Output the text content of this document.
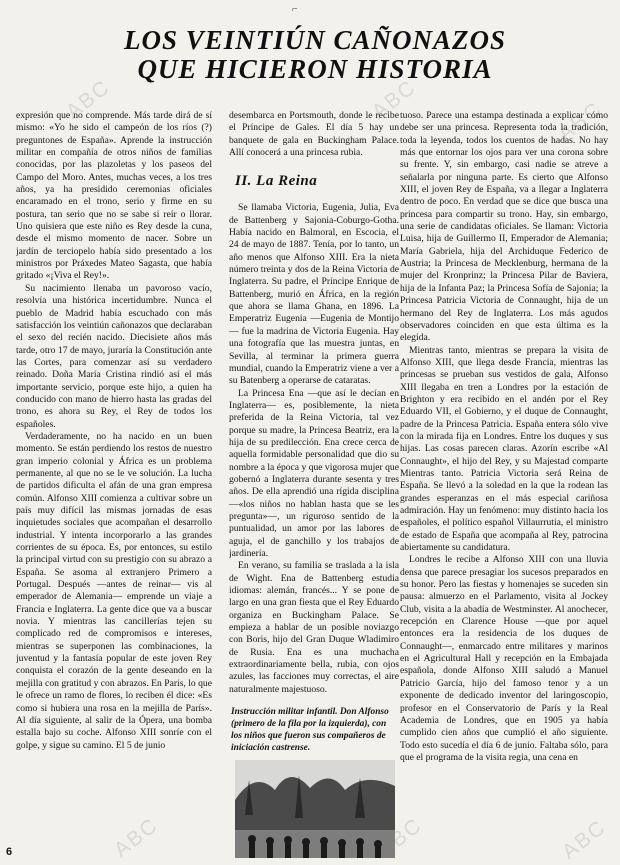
⌐
LOS VEINTIÚN CAÑONAZOS
QUE HICIERON HISTORIA
ABC	ABC	ABC
ABC	ABC	ABC

expresión que no comprende. Más tarde dirá de sí mismo: «Yo he sido el campeón de los ríos (?) preguntones de España». Aprende la instrucción militar en compañía de otros niños de familias conocidas, por las plazoletas y los paseos del Campo del Moro. Antes, muchas veces, a los tres años, ya ha presidido ceremonias oficiales encaramado en el trono, serio y firme en su postura, tan serio que no se sabe si reír o llorar. Uno quisiera que este niño es Rey desde la cuna, desde el mismo momento de nacer. Sobre un jardín de terciopelo había sido presentado a los ministros por Práxedes Mateo Sagasta, que había gritado «¡Viva el Rey!».

Su nacimiento llenaba un pavoroso vacío, resolvía una histórica incertidumbre. Nunca el pueblo de Madrid había escuchado con más satisfacción los veintiún cañonazos que declaraban el sexo del recién nacido. Diecisiete años más tarde, otro 17 de mayo, juraría la Constitución ante las Cortes, para comenzar así su verdadero reinado. Doña María Cristina rindió así el más importante servicio, porque este hijo, a quien ha conducido con mano de hierro hasta las gradas del trono, es ahora su Rey, el Rey de todos los españoles.

Verdaderamente, no ha nacido en un buen momento. Se están perdiendo los restos de nuestro gran imperio colonial y África es un problema permanente, al que no se le ve solución. La lucha de partidos dificulta el afán de una gran empresa común. Alfonso XIII comienza a cultivar sobre un país muy difícil las mismas jornadas de esas inquietudes sociales que acompañan el desarrollo industrial. Y intenta incorporarlo a las grandes corrientes de su época. Es, por entonces, su estilo la principal virtud con su prestigio con su abrazo a España. Se asoma al extranjero Primero a Portugal. Después —antes de reinar— vis al emperador de Alemania— emprende un viaje a Francia e Inglaterra. La gente dice que va a buscar novia. Y mientras las cancillerías tejen su complicado red de compromisos e intereses, mientras se superponen las combinaciones, la juventud y la fantasía popular de este joven Rey conquista el corazón de la gente deseando en la mejilla con gratitud y con abrazos. En París, lo que le ofrece un ramo de flores, lo reciben él dice: «Es como si hubiera una rosa en la mejilla de París». Al día siguiente, al salir de la Ópera, una bomba estalla bajo su coche. Alfonso XIII sonríe con el golpe, y sigue su camino. El 5 de junio

desembarca en Portsmouth, donde le recibe el Príncipe de Gales. El día 5 hay un banquete de gala en Buckingham Palace. Allí conocerá a una princesa rubia.

II. La Reina

Se llamaba Victoria, Eugenia, Julia, Eva de Battenberg y Sajonia-Coburgo-Gotha. Había nacido en Balmoral, en Escocia, el 24 de mayo de 1887. Tenía, por lo tanto, un año menos que Alfonso XIII. Era la nieta número treinta y dos de la Reina Victoria de Inglaterra. Su padre, el Príncipe Enrique de Battenberg, murió en África, en la región que ahora se llama Ghana, en 1896. La Emperatriz Eugenia —Eugenia de Montijo— fue la madrina de Victoria Eugenia. Hay una fotografía que las muestra juntas, en Sevilla, al terminar la primera guerra mundial, cuando la Emperatriz viene a ver a su Batenberg a operarse de cataratas.

La Princesa Ena —que así le decían en Inglaterra— es, posiblemente, la nieta preferida de la Reina Victoria, tal vez porque su madre, la Princesa Beatriz, era la hija de su predilección. Ena crece cerca de aquella formidable personalidad que dio su nombre a la época y que vigorosa mujer que gobernó a Inglaterra durante sesenta y tres años. De ella aprendió una rígida disciplina —«los niños no hablan hasta que se les pregunta»—, un riguroso sentido de la puntualidad, un amor por las labores de aguja, el de ganchillo y los trabajos de jardinería.

En verano, su familia se traslada a la isla de Wight. Ena de Battenberg estudia idiomas: alemán, francés... Y se pone de largo en una gran fiesta que el Rey Eduardo organiza en Buckingham Palace. Se empieza a hablar de un posible noviazgo con Boris, hijo del Gran Duque Wladimiro de Rusia. Ena es una muchacha extraordinariamente bella, rubia, con ojos azules, las facciones muy correctas, el aire naturalmente majestuoso.

Instrucción militar infantil. Don Alfonso (primero de la fila por la izquierda), con los niños que fueron sus compañeros de iniciación castrense.

tuoso. Parece una estampa destinada a explicar cómo debe ser una princesa. Representa toda la tradición, toda la leyenda, todos los cuentos de hadas. No hay más que entornar los ojos para ver una corona sobre su frente. Y, sin embargo, casi nadie se atreve a señalarla por ninguna parte. Es cierto que Alfonso XIII, el joven Rey de España, va a llegar a Inglaterra dentro de poco. En verdad que se dice que busca una princesa para compartir su trono. Hay, sin embargo, una serie de candidatas oficiales. Se llaman: Victoria Luisa, hija de Guillermo II, Emperador de Alemania; María Gabriela, hija del Archiduque Federico de Austria; la Princesa de Mecklenburg, hermana de la mujer del Kronprinz; la Princesa Pilar de Baviera, hija de la Infanta Paz; la Princesa Sofía de Sajonia; la Princesa Patricia Victoria de Connaught, hija de un hermano del Rey de Inglaterra. Los más agudos observadores coinciden en que esta última es la elegida.

Mientras tanto, mientras se prepara la visita de Alfonso XIII, que llega desde Francia, mientras las princesas se prueban sus vestidos de gala, Alfonso XIII llegaba en tren a Londres por la estación de Brighton y era recibido en el andén por el Rey Eduardo VII, el Gobierno, y el duque de Connaught, padre de la Princesa Patricia. España entera sólo vive con la mirada fija en Londres. Entre los duques y sus hijas. Las cosas parecen claras. Azorín escribe «Al Connaught», el hijo del Rey, y su Majestad comparte Mientras tanto. Patricia Victoria será Reina de España. Se llevó a la soledad en la que la rodean las grandes esperanzas en el más especial cariñosa admiración. Hay un fenómeno: muy distinto hacia los españoles, el político español Villaurrutia, el ministro de estado de España que acompaña al Rey, patrocina abiertamente su candidatura.

Londres le recibe a Alfonso XIII con una lluvia densa que parece presagiar los sucesos preparados en su honor. Pero las fiestas y homenajes se suceden sin pausa: almuerzo en el Parlamento, visita al Jockey Club, visita a la abadía de Westminster. Al anochecer, recepción en Clarence House —que por aquel entonces era la residencia de los duques de Connaught—, enmarcado entre militares y marinos en el Agricultural Hall y recepción en la Embajada española, donde Alfonso XIII saludó a Manuel Patricio García, hijo del famoso tenor y a un exponente de dedicado inventor del laringoscopio, profesor en el Conservatorio de París y la Real Academia de Londres, que en 1905 ya había cumplido cien años que cumplió el año siguiente. Todo esto sucedía el día 6 de junio. Faltaba sólo, para que el programa de la visita regia, una cena en

6
